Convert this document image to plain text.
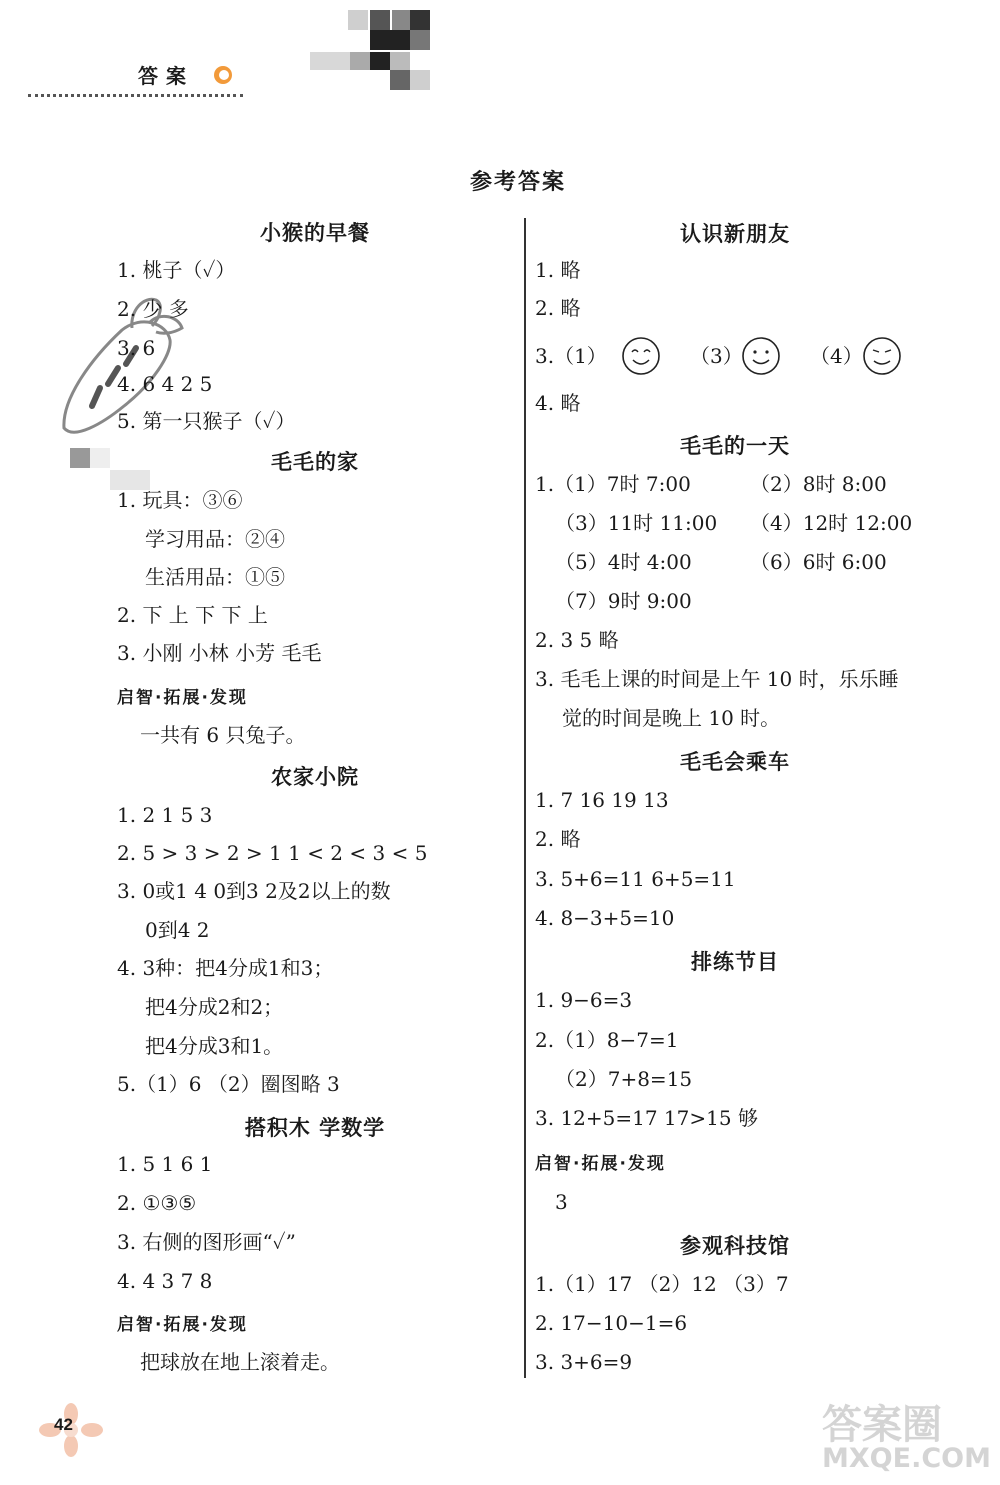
答案
参考答案
小猴的早餐
1. 桃子（✓）
2. 少 多
3. 6
4. 6 4 2 5
5. 第一只猴子（✓）
毛毛的家
1. 玩具：③⑥
学习用品：②④
生活用品：①⑤
2. 下 上 下 下 上
3. 小刚 小林 小芳 毛毛
启智·拓展·发现
一共有 6 只兔子。
农家小院
1. 2 1 5 3
2. 5 > 3 > 2 > 1 1 < 2 < 3 < 5
3. 0或1 4 0到3 2及2以上的数
0到4 2
4. 3种：把4分成1和3；
把4分成2和2；
把4分成3和1。
5.（1）6 （2）圈图略 3
搭积木 学数学
1. 5 1 6 1
2. ①③⑤
3. 右侧的图形画“✓”
4. 4 3 7 8
启智·拓展·发现
把球放在地上滚着走。
认识新朋友
1. 略
2. 略
3.（1）	（3）	（4）
4. 略
毛毛的一天
1.（1）7时 7:00	（2）8时 8:00
（3）11时 11:00 （4）12时 12:00
（5）4时 4:00	（6）6时 6:00
（7）9时 9:00
2. 3 5 略
3. 毛毛上课的时间是上午 10 时，乐乐睡
觉的时间是晚上 10 时。
毛毛会乘车
1. 7 16 19 13
2. 略
3. 5+6=11 6+5=11
4. 8−3+5=10
排练节目
1. 9−6=3
2.（1）8−7=1
（2）7+8=15
3. 12+5=17 17>15 够
启智·拓展·发现
3
参观科技馆
1.（1）17 （2）12 （3）7
2. 17−10−1=6
3. 3+6=9
42	答案圈
MXQE.COM
